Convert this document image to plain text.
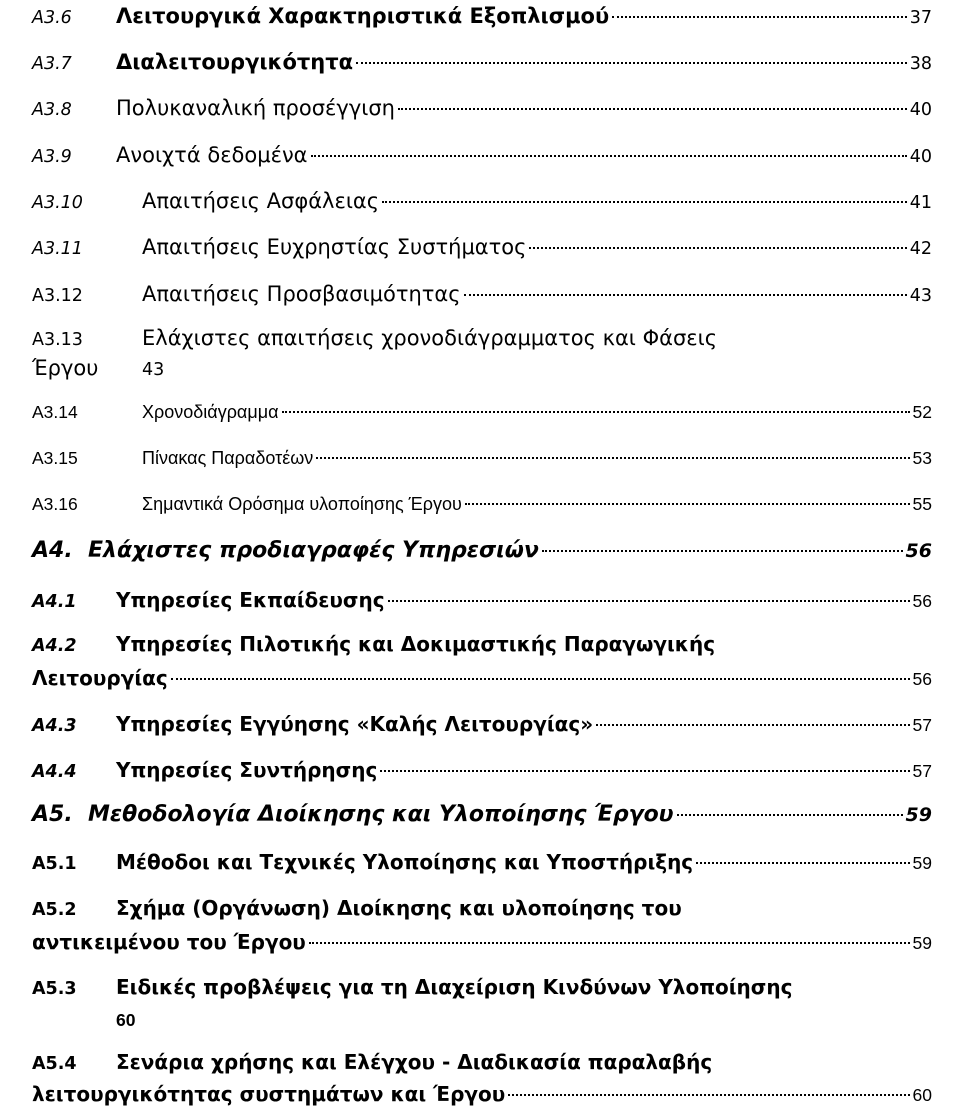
A3.6	Λειτουργικά Χαρακτηριστικά Εξοπλισμού	37
A3.7	Διαλειτουργικότητα	38
A3.8	Πολυκαναλική προσέγγιση	40
A3.9	Ανοιχτά δεδομένα	40
A3.10	Απαιτήσεις Ασφάλειας	41
A3.11	Απαιτήσεις Ευχρηστίας Συστήματος	42
A3.12	Απαιτήσεις Προσβασιμότητας	43
A3.13	Ελάχιστες απαιτήσεις χρονοδιάγραμματος και Φάσεις
Έργου	43
A3.14	Χρονοδιάγραμμα	52
A3.15	Πίνακας Παραδοτέων	53
A3.16	Σημαντικά Ορόσημα υλοποίησης Έργου	55
A4. Ελάχιστες προδιαγραφές Υπηρεσιών	56
A4.1	Υπηρεσίες Εκπαίδευσης	56
A4.2	Υπηρεσίες Πιλοτικής και Δοκιμαστικής Παραγωγικής
Λειτουργίας	56
A4.3	Υπηρεσίες Εγγύησης «Καλής Λειτουργίας»	57
A4.4	Υπηρεσίες Συντήρησης	57
A5. Μεθοδολογία Διοίκησης και Υλοποίησης Έργου	59
A5.1	Μέθοδοι και Τεχνικές Υλοποίησης και Υποστήριξης	59
A5.2	Σχήμα (Οργάνωση) Διοίκησης και υλοποίησης του
αντικειμένου του Έργου	59
A5.3	Ειδικές προβλέψεις για τη Διαχείριση Κινδύνων Υλοποίησης
60
A5.4	Σενάρια χρήσης και Ελέγχου - Διαδικασία παραλαβής
λειτουργικότητας συστημάτων και Έργου	60
